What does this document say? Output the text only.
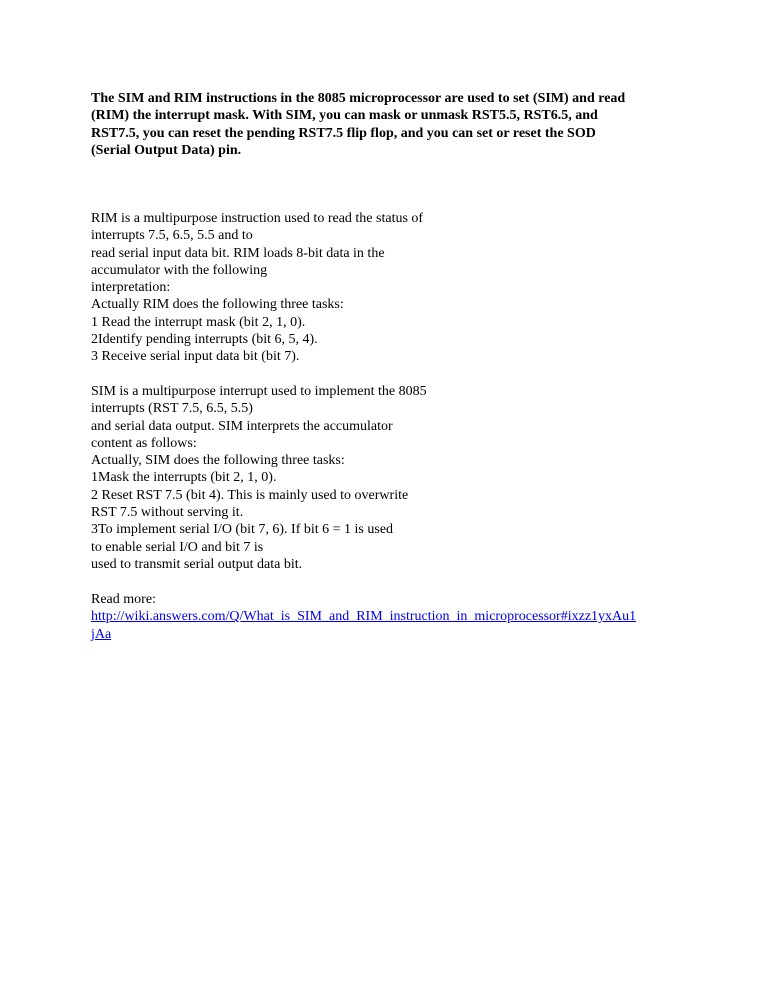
The SIM and RIM instructions in the 8085 microprocessor are used to set (SIM) and read
(RIM) the interrupt mask. With SIM, you can mask or unmask RST5.5, RST6.5, and
RST7.5, you can reset the pending RST7.5 flip flop, and you can set or reset the SOD
(Serial Output Data) pin.
RIM is a multipurpose instruction used to read the status of
interrupts 7.5, 6.5, 5.5 and to
read serial input data bit. RIM loads 8-bit data in the
accumulator with the following
interpretation:
Actually RIM does the following three tasks:
1 Read the interrupt mask (bit 2, 1, 0).
2Identify pending interrupts (bit 6, 5, 4).
3 Receive serial input data bit (bit 7).
SIM is a multipurpose interrupt used to implement the 8085
interrupts (RST 7.5, 6.5, 5.5)
and serial data output. SIM interprets the accumulator
content as follows:
Actually, SIM does the following three tasks:
1Mask the interrupts (bit 2, 1, 0).
2 Reset RST 7.5 (bit 4). This is mainly used to overwrite
RST 7.5 without serving it.
3To implement serial I/O (bit 7, 6). If bit 6 = 1 is used
to enable serial I/O and bit 7 is
used to transmit serial output data bit.
Read more:
http://wiki.answers.com/Q/What_is_SIM_and_RIM_instruction_in_microprocessor#ixzz1yxAu1
jAa
